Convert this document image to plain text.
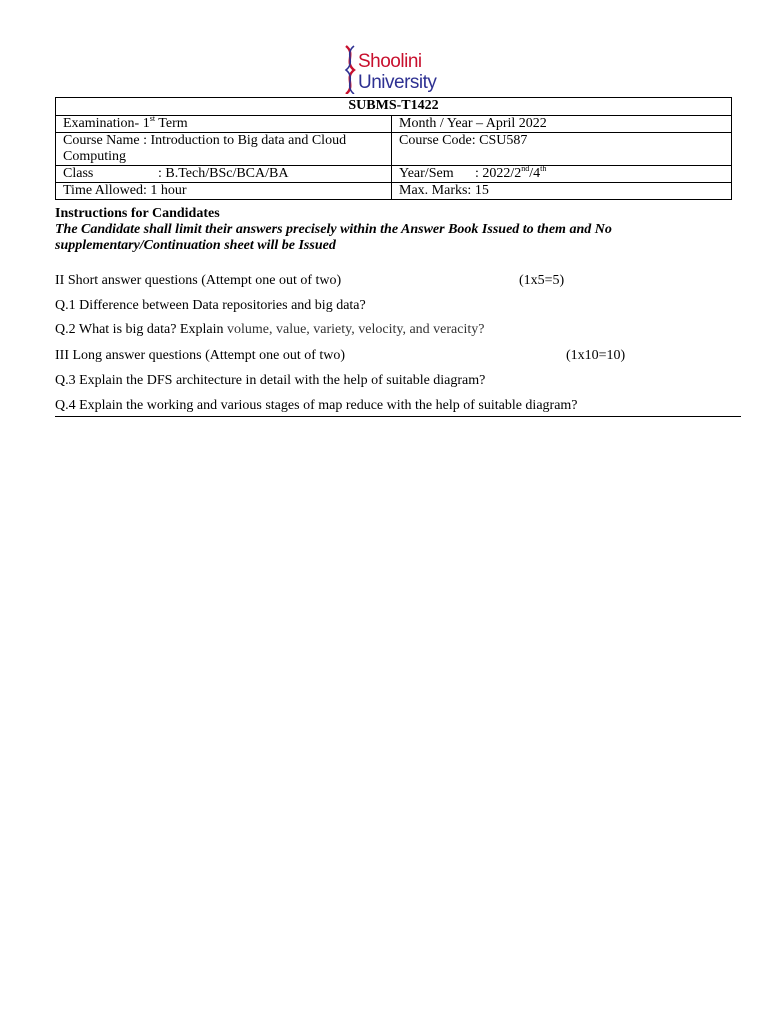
Shoolini
University
SUBMS-T1422	
Examination- 1st Term	Month / Year – April 2022
Course Name : Introduction to Big data and Cloud Computing	Course Code: CSU587
Class : B.Tech/BSc/BCA/BA	Year/Sem : 2022/2nd/4th
Time Allowed: 1 hour	Max. Marks: 15
Instructions for Candidates
The Candidate shall limit their answers precisely within the Answer Book Issued to them and No supplementary/Continuation sheet will be Issued
II Short answer questions (Attempt one out of two)	(1x5=5)
Q.1 Difference between Data repositories and big data?
Q.2 What is big data? Explain volume, value, variety, velocity, and veracity?
III Long answer questions (Attempt one out of two)	(1x10=10)
Q.3 Explain the DFS architecture in detail with the help of suitable diagram?
Q.4 Explain the working and various stages of map reduce with the help of suitable diagram?
